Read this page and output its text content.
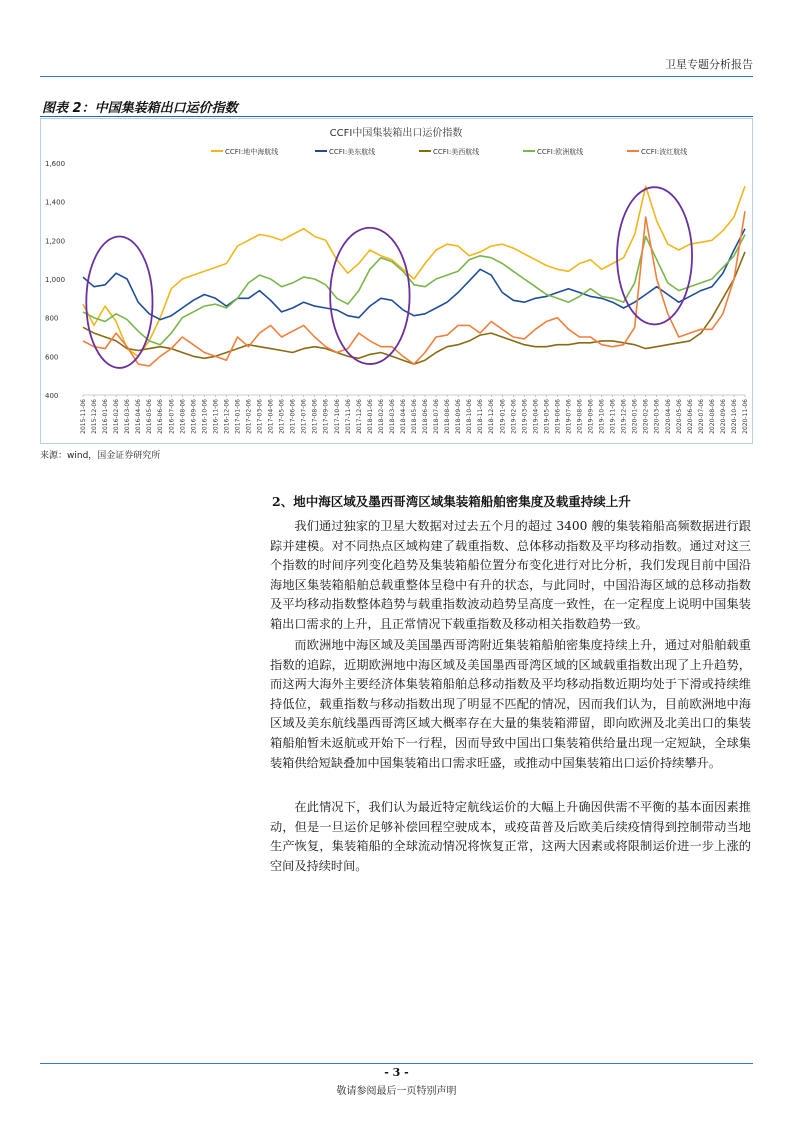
卫星专题分析报告
图表 2：中国集装箱出口运价指数
CCFI中国集装箱出口运价指数
CCFI:地中海航线	CCFI:美东航线	CCFI:美西航线	CCFI:欧洲航线	CCFI:波红航线
400
600
800
1,000
1,200
1,400
1,600
2015-11-06 2015-12-06 2016-01-06 2016-02-06 2016-03-06 2016-04-06 2016-05-06 2016-06-06 2016-07-06 2016-08-06 2016-09-06 2016-10-06 2016-11-06 2016-12-06 2017-01-06 2017-02-06 2017-03-06 2017-04-06 2017-05-06 2017-06-06 2017-07-06 2017-08-06 2017-09-06 2017-10-06 2017-11-06 2017-12-06 2018-01-06 2018-02-06 2018-03-06 2018-04-06 2018-05-06 2018-06-06 2018-07-06 2018-08-06 2018-09-06 2018-10-06 2018-11-06 2018-12-06 2019-01-06 2019-02-06 2019-03-06 2019-04-06 2019-05-06 2019-06-06 2019-07-06 2019-08-06 2019-09-06 2019-10-06 2019-11-06 2019-12-06 2020-01-06 2020-02-06 2020-03-06 2020-04-06 2020-05-06 2020-06-06 2020-07-06 2020-08-06 2020-09-06 2020-10-06 2020-11-06
来源：wind，国金证券研究所
2、地中海区域及墨西哥湾区域集装箱船舶密集度及载重持续上升
我们通过独家的卫星大数据对过去五个月的超过 3400 艘的集装箱船高频数据进行跟踪并建模。对不同热点区域构建了载重指数、总体移动指数及平均移动指数。通过对这三个指数的时间序列变化趋势及集装箱船位置分布变化进行对比分析，我们发现目前中国沿海地区集装箱船舶总载重整体呈稳中有升的状态，与此同时，中国沿海区域的总移动指数及平均移动指数整体趋势与载重指数波动趋势呈高度一致性，在一定程度上说明中国集装箱出口需求的上升，且正常情况下载重指数及移动相关指数趋势一致。
而欧洲地中海区域及美国墨西哥湾附近集装箱船舶密集度持续上升，通过对船舶载重指数的追踪，近期欧洲地中海区域及美国墨西哥湾区域的区域载重指数出现了上升趋势，而这两大海外主要经济体集装箱船舶总移动指数及平均移动指数近期均处于下滑或持续维持低位，载重指数与移动指数出现了明显不匹配的情况，因而我们认为，目前欧洲地中海区域及美东航线墨西哥湾区域大概率存在大量的集装箱滞留，即向欧洲及北美出口的集装箱船舶暂未返航或开始下一行程，因而导致中国出口集装箱供给量出现一定短缺，全球集装箱供给短缺叠加中国集装箱出口需求旺盛，或推动中国集装箱出口运价持续攀升。
在此情况下，我们认为最近特定航线运价的大幅上升确因供需不平衡的基本面因素推动，但是一旦运价足够补偿回程空驶成本，或疫苗普及后欧美后续疫情得到控制带动当地生产恢复，集装箱船的全球流动情况将恢复正常，这两大因素或将限制运价进一步上涨的空间及持续时间。
- 3 -
敬请参阅最后一页特别声明
